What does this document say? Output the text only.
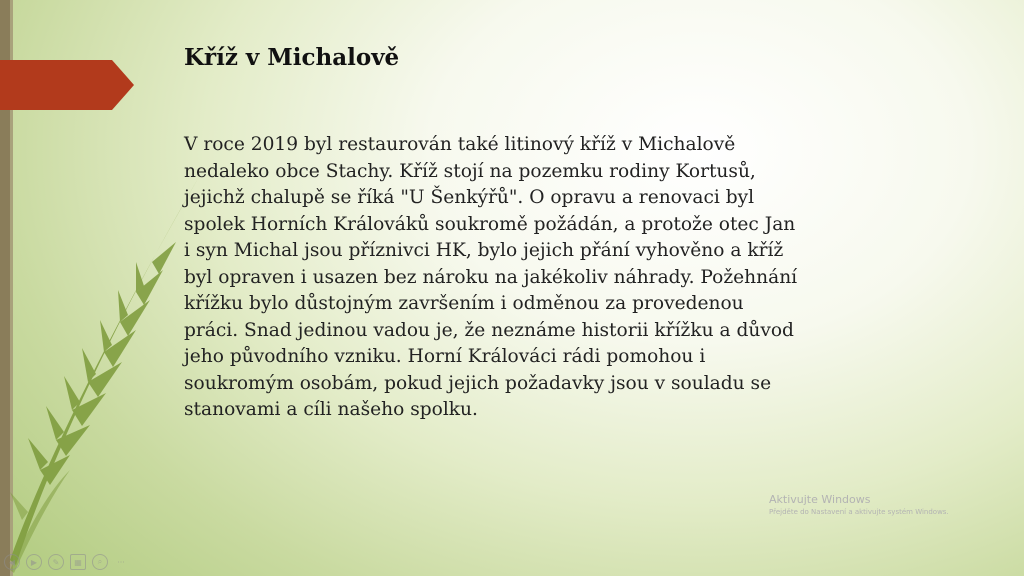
Kříž v Michalově
V roce 2019 byl restaurován také litinový kříž v Michalově
nedaleko obce Stachy. Kříž stojí na pozemku rodiny Kortusů,
jejichž chalupě se říká "U Šenkýřů". O opravu a renovaci byl
spolek Horních Králováků soukromě požádán, a protože otec Jan
i syn Michal jsou příznivci HK, bylo jejich přání vyhověno a kříž
byl opraven i usazen bez nároku na jakékoliv náhrady. Požehnání
křížku bylo důstojným završením i odměnou za provedenou
práci. Snad jedinou vadou je, že neznáme historii křížku a důvod
jeho původního vzniku. Horní Králováci rádi pomohou i
soukromým osobám, pokud jejich požadavky jsou v souladu se
stanovami a cíli našeho spolku.
Aktivujte Windows
Přejděte do Nastavení a aktivujte systém Windows.
◀ ▶ ✎ ▦ ⌕ ···
